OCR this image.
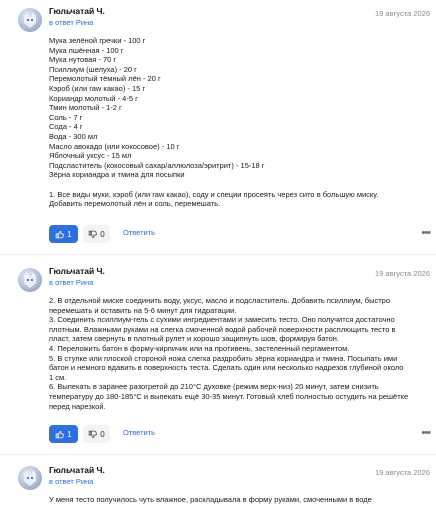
Гюльчатай Ч.
в ответ Рина
19 августа 2026

Мука зелёной гречки - 100 г
Мука пшённая - 100 г
Мука нутовая - 70 г
Псиллиум (шелуха) - 20 г
Перемолотый тёмный лён - 20 г
Кэроб (или raw какао) - 15 г
Кориандр молотый - 4-5 г
Тмин молотый - 1-2 г
Соль - 7 г
Сода - 4 г
Вода - 300 мл
Масло авокадо (или кокосовое) - 10 г
Яблочный уксус - 15 мл
Подсластитель (кокосовый сахар/аллюлоза/эритрит) - 15-18 г
Зёрна кориандра и тмина для посыпки

1. Все виды муки, кэроб (или raw какао), соду и специи просеять через сито в большую миску.
Добавить перемолотый лён и соль, перемешать.

1	0 Ответить	•••
Гюльчатай Ч.
в ответ Рина
19 августа 2026

2. В отдельной миске соединить воду, уксус, масло и подсластитель. Добавить псиллиум, быстро
перемешать и оставить на 5-6 минут для гидратации.
3. Соединить псиллиум-гель с сухими ингредиентами и замесить тесто. Оно получится достаточно
плотным. Влажными руками на слегка смоченной водой рабочей поверхности расплющить тесто в
пласт, затем свернуть в плотный рулет и хорошо защипнуть шов, формируя батон.
4. Переложить батон в форму-кирпичик или на противень, застеленный пергаментом.
5. В ступке или плоской стороной ножа слегка раздробить зёрна кориандра и тмина. Посыпать ими
батон и немного вдавить в поверхность теста. Сделать один или несколько надрезов глубиной около
1 см.
6. Выпекать в заранее разогретой до 210°С духовке (режим верх-низ) 20 минут, затем снизить
температуру до 180-185°С и выпекать ещё 30-35 минут. Готовый хлеб полностью остудить на решётке
перед нарезкой.

1	0 Ответить	•••
Гюльчатай Ч.
в ответ Рина
19 августа 2026

У меня тесто получилось чуть влажное, раскладывала в форму руками, смоченными в воде
